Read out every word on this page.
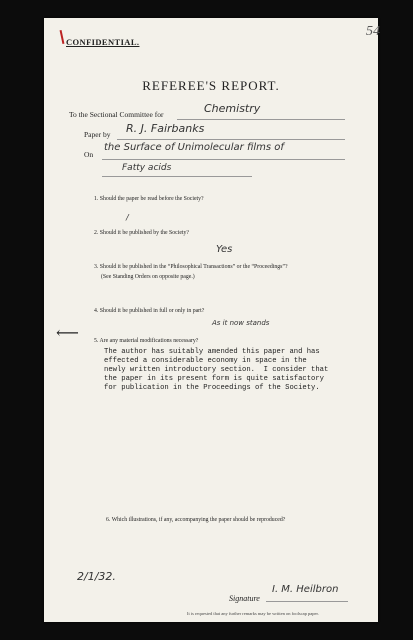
CONFIDENTIAL.
54
REFEREE'S REPORT.
To the Sectional Committee for	Chemistry
Paper by R. J. Fairbanks
On
the Surface of Unimolecular films of
Fatty acids
1. Should the paper be read before the Society?
/
2. Should it be published by the Society?
Yes
3. Should it be published in the “Philosophical Transactions” or the “Proceedings”?
(See Standing Orders on opposite page.)
4. Should it be published in full or only in part?
As it now stands
⟵	5. Are any material modifications necessary?
The author has suitably amended this paper and has
effected a considerable economy in space in the
newly written introductory section.  I consider that
the paper in its present form is quite satisfactory
for publication in the Proceedings of the Society.
6. Which illustrations, if any, accompanying the paper should be reproduced?
2/1/32.
Signature
I. M. Heilbron
It is requested that any further remarks may be written on foolscap paper.
